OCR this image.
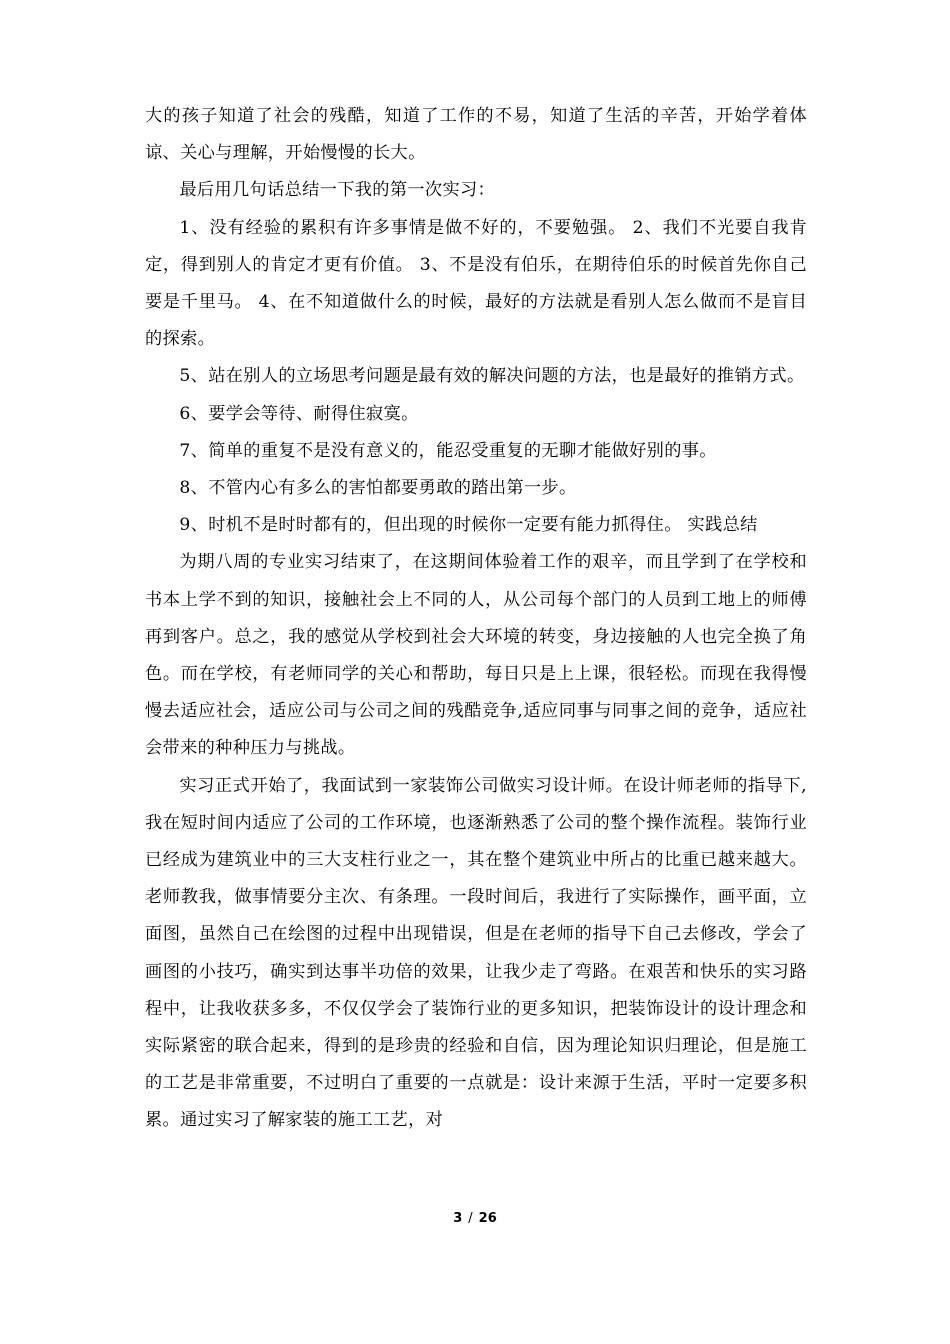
大的孩子知道了社会的残酷，知道了工作的不易，知道了生活的辛苦，开始学着体谅、关心与理解，开始慢慢的长大。

最后用几句话总结一下我的第一次实习：

1、没有经验的累积有许多事情是做不好的，不要勉强。 2、我们不光要自我肯定，得到别人的肯定才更有价值。 3、不是没有伯乐，在期待伯乐的时候首先你自己要是千里马。 4、在不知道做什么的时候，最好的方法就是看别人怎么做而不是盲目的探索。

5、站在别人的立场思考问题是最有效的解决问题的方法，也是最好的推销方式。

6、要学会等待、耐得住寂寞。

7、简单的重复不是没有意义的，能忍受重复的无聊才能做好别的事。

8、不管内心有多么的害怕都要勇敢的踏出第一步。

9、时机不是时时都有的，但出现的时候你一定要有能力抓得住。 实践总结

为期八周的专业实习结束了，在这期间体验着工作的艰辛，而且学到了在学校和书本上学不到的知识，接触社会上不同的人，从公司每个部门的人员到工地上的师傅再到客户。总之，我的感觉从学校到社会大环境的转变，身边接触的人也完全换了角色。而在学校，有老师同学的关心和帮助，每日只是上上课，很轻松。而现在我得慢慢去适应社会，适应公司与公司之间的残酷竞争,适应同事与同事之间的竞争，适应社会带来的种种压力与挑战。

实习正式开始了，我面试到一家装饰公司做实习设计师。在设计师老师的指导下,我在短时间内适应了公司的工作环境，也逐渐熟悉了公司的整个操作流程。装饰行业已经成为建筑业中的三大支柱行业之一，其在整个建筑业中所占的比重已越来越大。老师教我，做事情要分主次、有条理。一段时间后，我进行了实际操作，画平面，立面图，虽然自己在绘图的过程中出现错误，但是在老师的指导下自己去修改，学会了画图的小技巧，确实到达事半功倍的效果，让我少走了弯路。在艰苦和快乐的实习路程中，让我收获多多，不仅仅学会了装饰行业的更多知识，把装饰设计的设计理念和实际紧密的联合起来，得到的是珍贵的经验和自信，因为理论知识归理论，但是施工的工艺是非常重要，不过明白了重要的一点就是：设计来源于生活，平时一定要多积累。通过实习了解家装的施工工艺，对

3 / 26
